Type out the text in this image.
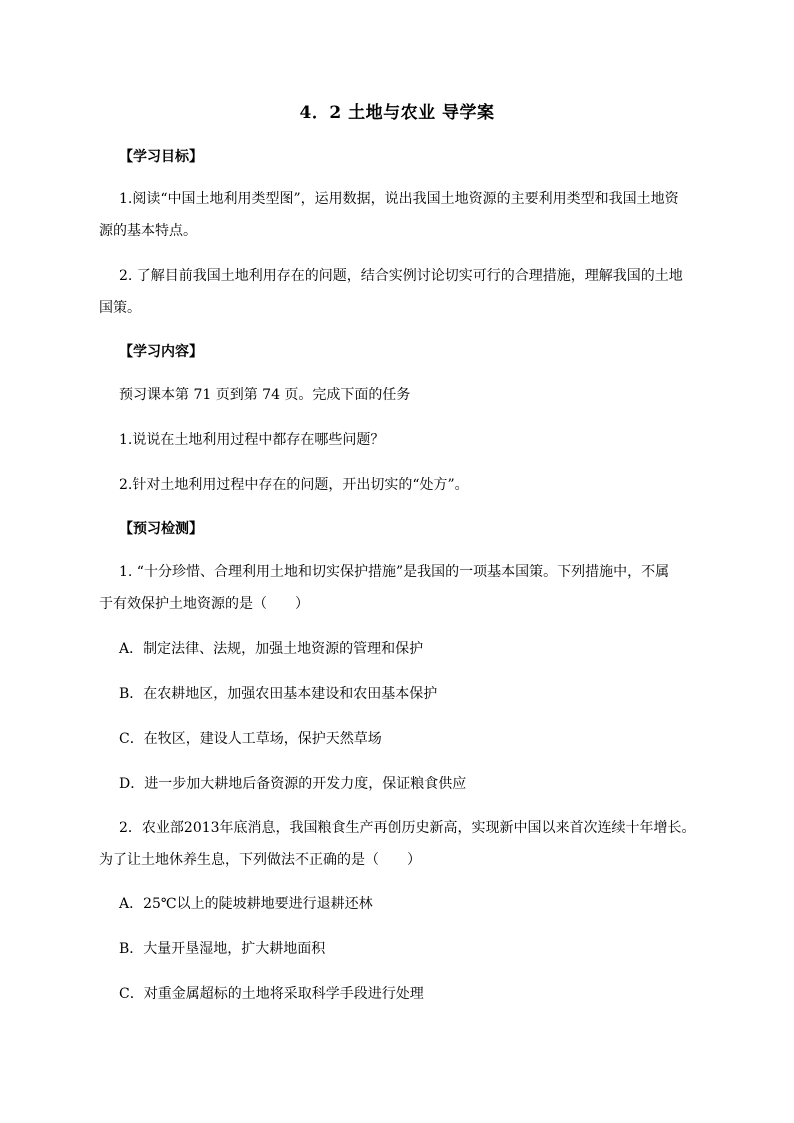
4．2 土地与农业 导学案
【学习目标】
1.阅读“中国土地利用类型图”，运用数据，说出我国土地资源的主要利用类型和我国土地资
源的基本特点。
2. 了解目前我国土地利用存在的问题，结合实例讨论切实可行的合理措施，理解我国的土地
国策。
【学习内容】
预习课本第 71 页到第 74 页。完成下面的任务
1.说说在土地利用过程中都存在哪些问题？
2.针对土地利用过程中存在的问题，开出切实的“处方”。
【预习检测】
1. “十分珍惜、合理利用土地和切实保护措施”是我国的一项基本国策。下列措施中，不属
于有效保护土地资源的是（　　）
A．制定法律、法规，加强土地资源的管理和保护
B．在农耕地区，加强农田基本建设和农田基本保护
C．在牧区，建设人工草场，保护天然草场
D．进一步加大耕地后备资源的开发力度，保证粮食供应
2．农业部2013年底消息，我国粮食生产再创历史新高，实现新中国以来首次连续十年增长。
为了让土地休养生息，下列做法不正确的是（　　）
A．25℃以上的陡坡耕地要进行退耕还林
B．大量开垦湿地，扩大耕地面积
C．对重金属超标的土地将采取科学手段进行处理
